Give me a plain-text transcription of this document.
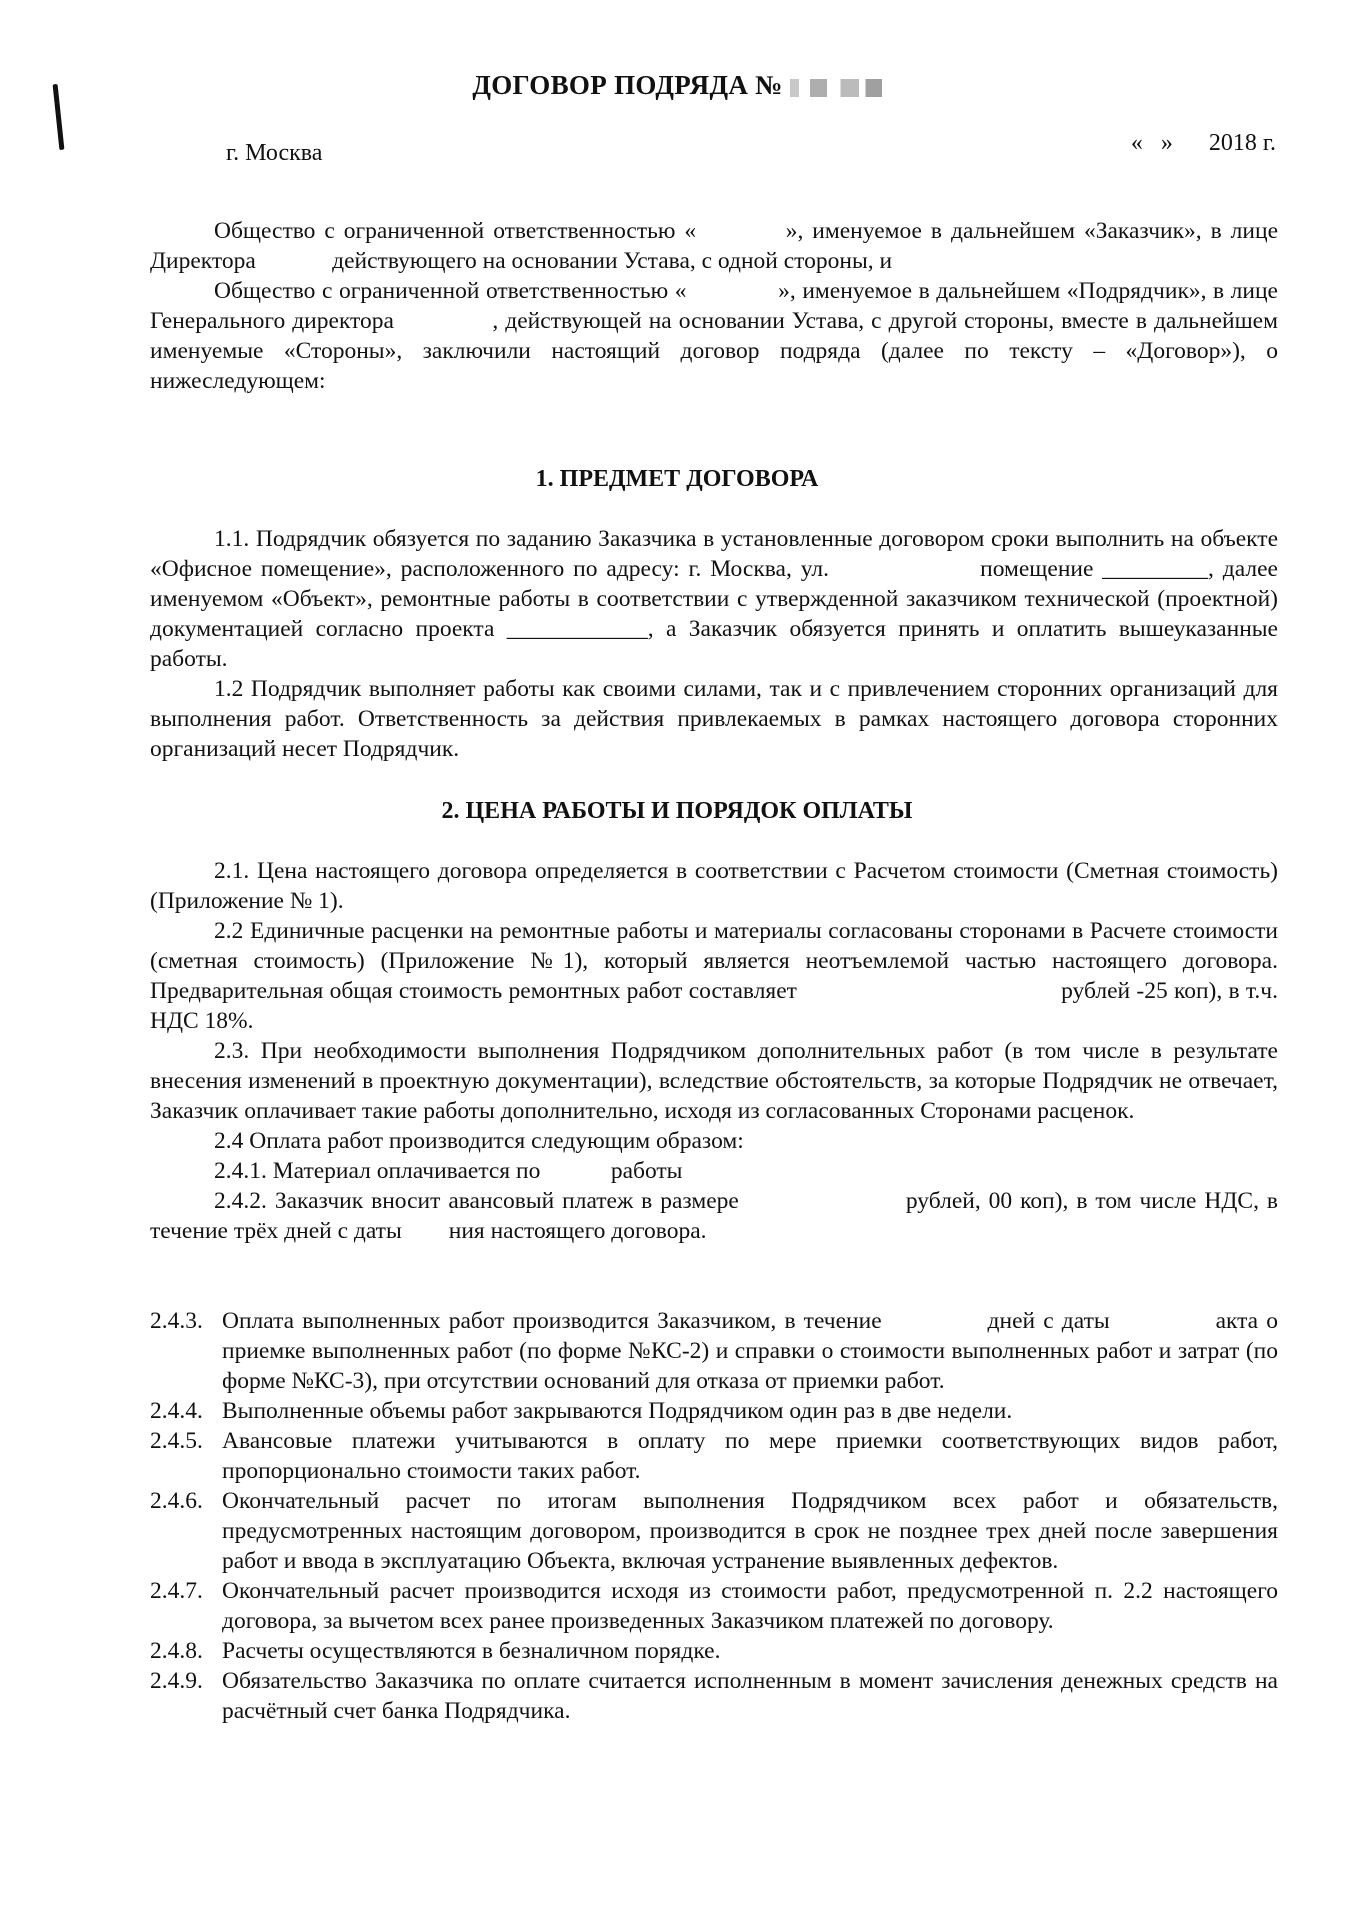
ДОГОВОР ПОДРЯДА №
г. Москва	«   »      2018 г.

Общество с ограниченной ответственностью «          », именуемое в дальнейшем «Заказчик», в лице Директора             действующего на основании Устава, с одной стороны, и

Общество с ограниченной ответственностью «              », именуемое в дальнейшем «Подрядчик», в лице Генерального директора              , действующей на основании Устава, с другой стороны, вместе в дальнейшем именуемые «Стороны», заключили настоящий договор подряда (далее по тексту – «Договор»), о нижеследующем:

1. ПРЕДМЕТ ДОГОВОРА

1.1. Подрядчик обязуется по заданию Заказчика в установленные договором сроки выполнить на объекте «Офисное помещение», расположенного по адресу: г. Москва, ул.                 помещение _________, далее именуемом «Объект», ремонтные работы в соответствии с утвержденной заказчиком технической (проектной) документацией согласно проекта ____________, а Заказчик обязуется принять и оплатить вышеуказанные работы.

1.2 Подрядчик выполняет работы как своими силами, так и с привлечением сторонних организаций для выполнения работ. Ответственность за действия привлекаемых в рамках настоящего договора сторонних организаций несет Подрядчик.

2. ЦЕНА РАБОТЫ И ПОРЯДОК ОПЛАТЫ

2.1. Цена настоящего договора определяется в соответствии с Расчетом стоимости (Сметная стоимость) (Приложение № 1).

2.2 Единичные расценки на ремонтные работы и материалы согласованы сторонами в Расчете стоимости (сметная стоимость) (Приложение №1), который является неотъемлемой частью настоящего договора. Предварительная общая стоимость ремонтных работ составляет                                          рублей -25 коп), в т.ч. НДС 18%.

2.3. При необходимости выполнения Подрядчиком дополнительных работ (в том числе в результате внесения изменений в проектную документации), вследствие обстоятельств, за которые Подрядчик не отвечает, Заказчик оплачивает такие работы дополнительно, исходя из согласованных Сторонами расценок.

2.4 Оплата работ производится следующим образом:

2.4.1. Материал оплачивается по            работы

2.4.2. Заказчик вносит авансовый платеж в размере                     рублей, 00 коп), в том числе НДС, в течение трёх дней с даты        ния настоящего договора.

2.4.3. Оплата выполненных работ производится Заказчиком, в течение             дней с даты             акта о приемке выполненных работ (по форме №КС-2) и справки о стоимости выполненных работ и затрат (по форме №КС-3), при отсутствии оснований для отказа от приемки работ.
2.4.4. Выполненные объемы работ закрываются Подрядчиком один раз в две недели.
2.4.5. Авансовые платежи учитываются в оплату по мере приемки соответствующих видов работ, пропорционально стоимости таких работ.
2.4.6. Окончательный расчет по итогам выполнения Подрядчиком всех работ и обязательств, предусмотренных настоящим договором, производится в срок не позднее трех дней после завершения работ и ввода в эксплуатацию Объекта, включая устранение выявленных дефектов.
2.4.7. Окончательный расчет производится исходя из стоимости работ, предусмотренной п. 2.2 настоящего договора, за вычетом всех ранее произведенных Заказчиком платежей по договору.
2.4.8. Расчеты осуществляются в безналичном порядке.
2.4.9. Обязательство Заказчика по оплате считается исполненным в момент зачисления денежных средств на расчётный счет банка Подрядчика.
